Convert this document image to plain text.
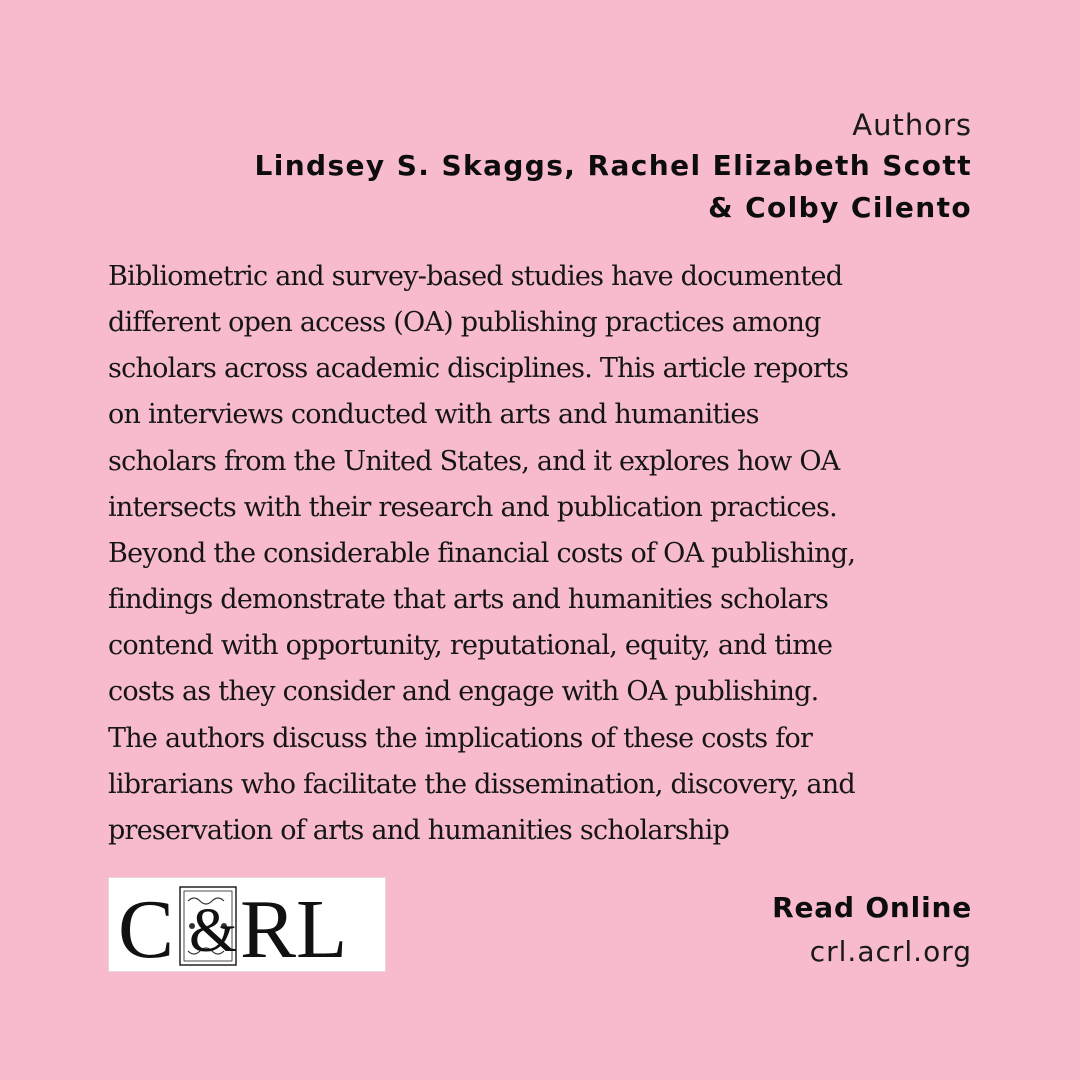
Authors
Lindsey S. Skaggs, Rachel Elizabeth Scott
& Colby Cilento
Bibliometric and survey-based studies have documented
different open access (OA) publishing practices among
scholars across academic disciplines. This article reports
on interviews conducted with arts and humanities
scholars from the United States, and it explores how OA
intersects with their research and publication practices.
Beyond the considerable financial costs of OA publishing,
findings demonstrate that arts and humanities scholars
contend with opportunity, reputational, equity, and time
costs as they consider and engage with OA publishing.
The authors discuss the implications of these costs for
librarians who facilitate the dissemination, discovery, and
preservation of arts and humanities scholarship
C & RL	Read Online
crl.acrl.org
